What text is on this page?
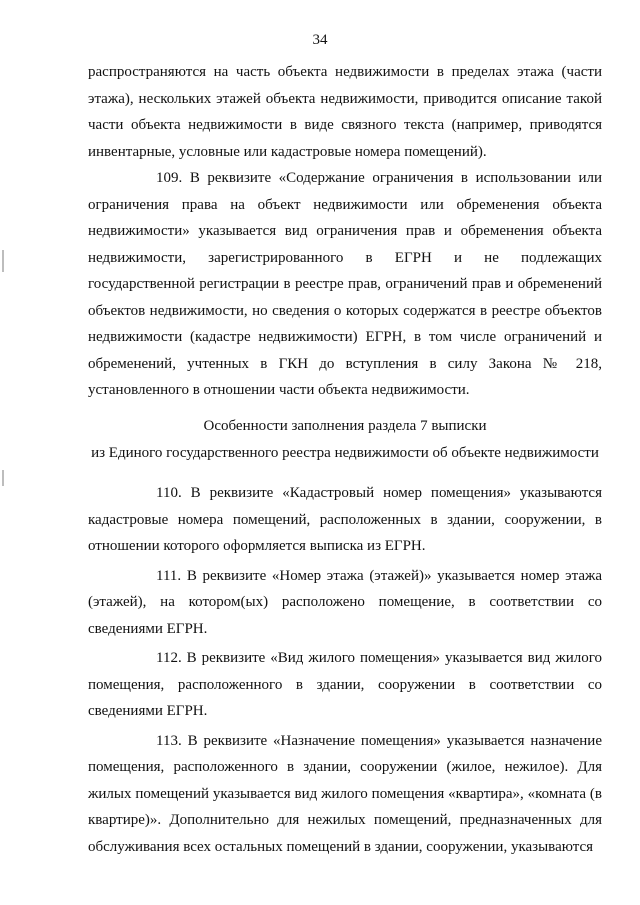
34

распространяются на часть объекта недвижимости в пределах этажа (части этажа), нескольких этажей объекта недвижимости, приводится описание такой части объекта недвижимости в виде связного текста (например, приводятся инвентарные, условные или кадастровые номера помещений).

109. В реквизите «Содержание ограничения в использовании или ограничения права на объект недвижимости или обременения объекта недвижимости» указывается вид ограничения прав и обременения объекта недвижимости, зарегистрированного в ЕГРН и не подлежащих государственной регистрации в реестре прав, ограничений прав и обременений объектов недвижимости, но сведения о которых содержатся в реестре объектов недвижимости (кадастре недвижимости) ЕГРН, в том числе ограничений и обременений, учтенных в ГКН до вступления в силу Закона № 218, установленного в отношении части объекта недвижимости.

Особенности заполнения раздела 7 выписки
из Единого государственного реестра недвижимости об объекте недвижимости

110. В реквизите «Кадастровый номер помещения» указываются кадастровые номера помещений, расположенных в здании, сооружении, в отношении которого оформляется выписка из ЕГРН.

111. В реквизите «Номер этажа (этажей)» указывается номер этажа (этажей), на котором(ых) расположено помещение, в соответствии со сведениями ЕГРН.

112. В реквизите «Вид жилого помещения» указывается вид жилого помещения, расположенного в здании, сооружении в соответствии со сведениями ЕГРН.

113. В реквизите «Назначение помещения» указывается назначение помещения, расположенного в здании, сооружении (жилое, нежилое). Для жилых помещений указывается вид жилого помещения «квартира», «комната (в квартире)». Дополнительно для нежилых помещений, предназначенных для обслуживания всех остальных помещений в здании, сооружении, указываются
